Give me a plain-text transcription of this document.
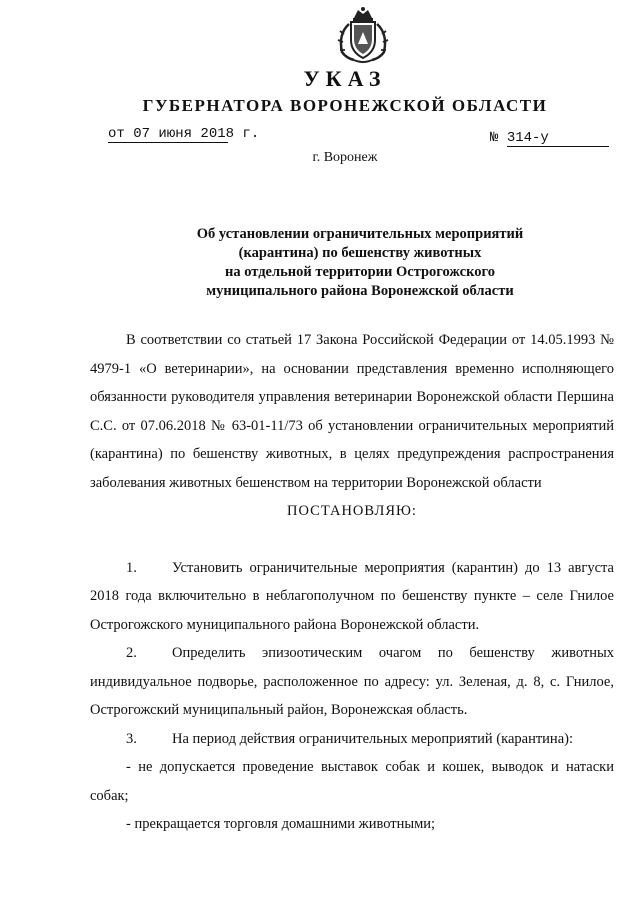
УКАЗ
ГУБЕРНАТОРА ВОРОНЕЖСКОЙ ОБЛАСТИ
от 07 июня 2018 г.	№ 314-у
г. Воронеж
Об установлении ограничительных мероприятий
(карантина) по бешенству животных
на отдельной территории Острогожского
муниципального района Воронежской области

В соответствии со статьей 17 Закона Российской Федерации от 14.05.1993 № 4979-1 «О ветеринарии», на основании представления временно исполняющего обязанности руководителя управления ветеринарии Воронежской области Першина С.С. от 07.06.2018 № 63-01-11/73 об установлении ограничительных мероприятий (карантина) по бешенству животных, в целях предупреждения распространения заболевания животных бешенством на территории Воронежской области

ПОСТАНОВЛЯЮ:

1. Установить ограничительные мероприятия (карантин) до 13 августа 2018 года включительно в неблагополучном по бешенству пункте – селе Гнилое Острогожского муниципального района Воронежской области.

2. Определить эпизоотическим очагом по бешенству животных индивидуальное подворье, расположенное по адресу: ул. Зеленая, д. 8, с. Гнилое, Острогожский муниципальный район, Воронежская область.

3. На период действия ограничительных мероприятий (карантина):

- не допускается проведение выставок собак и кошек, выводок и натаски собак;

- прекращается торговля домашними животными;
